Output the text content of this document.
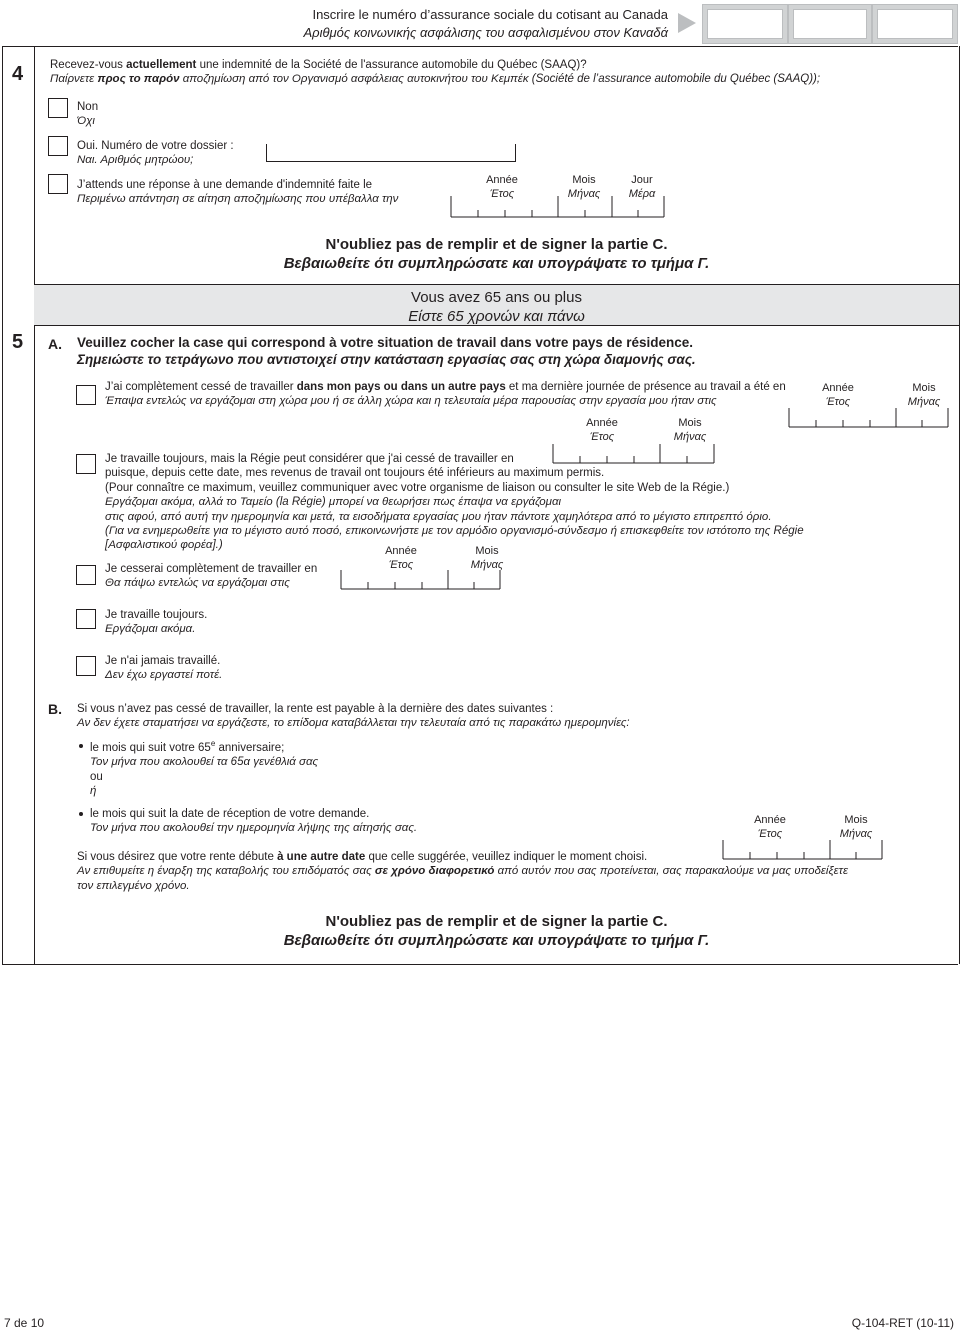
Inscrire le numéro d’assurance sociale du cotisant au Canada
Αριθμός κοινωνικής ασφάλισης του ασφαλισμένου στον Καναδά
4 Recevez-vous actuellement une indemnité de la Société de l'assurance automobile du Québec (SAAQ)?
Παίρνετε προς το παρόν αποζημίωση από τον Οργανισμό ασφάλειας αυτοκινήτου του Κεμπέκ (Société de l’assurance automobile du Québec (SAAQ));
Non
Όχι
Oui. Numéro de votre dossier :
Ναι. Αριθμός μητρώου;
J’attends une réponse à une demande d'indemnité faite le
Περιμένω απάντηση σε αίτηση αποζημίωσης που υπέβαλλα την
Année
Έτος
Mois
Μήνας
Jour
Μέρα
N'oubliez pas de remplir et de signer la partie C.
Βεβαιωθείτε ότι συμπληρώσατε και υπογράψατε το τμήμα Γ.
Vous avez 65 ans ou plus
Είστε 65 χρονών και πάνω
5 A. Veuillez cocher la case qui correspond à votre situation de travail dans votre pays de résidence.
Σημειώστε το τετράγωνο που αντιστοιχεί στην κατάσταση εργασίας σας στη χώρα διαμονής σας.
J’ai complètement cessé de travailler dans mon pays ou dans un autre pays et ma dernière journée de présence au travail a été en
Έπαψα εντελώς να εργάζομαι στη χώρα μου ή σε άλλη χώρα και η τελευταία μέρα παρουσίας στην εργασία μου ήταν στις
Année
Έτος
Mois
Μήνας
Année
Έτος
Mois
Μήνας
Je travaille toujours, mais la Régie peut considérer que j'ai cessé de travailler en
puisque, depuis cette date, mes revenus de travail ont toujours été inférieurs au maximum permis.
(Pour connaître ce maximum, veuillez communiquer avec votre organisme de liaison ou consulter le site Web de la Régie.)
Εργάζομαι ακόμα, αλλά το Ταμείο (la Régie) μπορεί να θεωρήσει πως έπαψα να εργάζομαι
στις αφού, από αυτή την ημερομηνία και μετά, τα εισοδήματα εργασίας μου ήταν πάντοτε χαμηλότερα από το μέγιστο επιτρεπτό όριο.
(Για να ενημερωθείτε για το μέγιστο αυτό ποσό, επικοινωνήστε με τον αρμόδιο οργανισμό-σύνδεσμο ή επισκεφθείτε τον ιστότοπο της Régie
[Ασφαλιστικού φορέα].)	Année
Έτος
Mois
Μήνας
Je cesserai complètement de travailler en
Θα πάψω εντελώς να εργάζομαι στις
Je travaille toujours.
Εργάζομαι ακόμα.
Je n'ai jamais travaillé.
Δεν έχω εργαστεί ποτέ.
B. Si vous n’avez pas cessé de travailler, la rente est payable à la dernière des dates suivantes :
Αν δεν έχετε σταματήσει να εργάζεστε, το επίδομα καταβάλλεται την τελευταία από τις παρακάτω ημερομηνίες:
le mois qui suit votre 65e anniversaire;
Τον μήνα που ακολουθεί τα 65α γενέθλιά σας
ou
ή
le mois qui suit la date de réception de votre demande.
Τον μήνα που ακολουθεί την ημερομηνία λήψης της αίτησής σας.
Année
Έτος
Mois
Μήνας
Si vous désirez que votre rente débute à une autre date que celle suggérée, veuillez indiquer le moment choisi.
Αν επιθυμείτε η έναρξη της καταβολής του επιδόματός σας σε χρόνο διαφορετικό από αυτόν που σας προτείνεται, σας παρακαλούμε να μας υποδείξετε
τον επιλεγμένο χρόνο.
N'oubliez pas de remplir et de signer la partie C.
Βεβαιωθείτε ότι συμπληρώσατε και υπογράψατε το τμήμα Γ.
7 de 10	Q-104-RET (10-11)
